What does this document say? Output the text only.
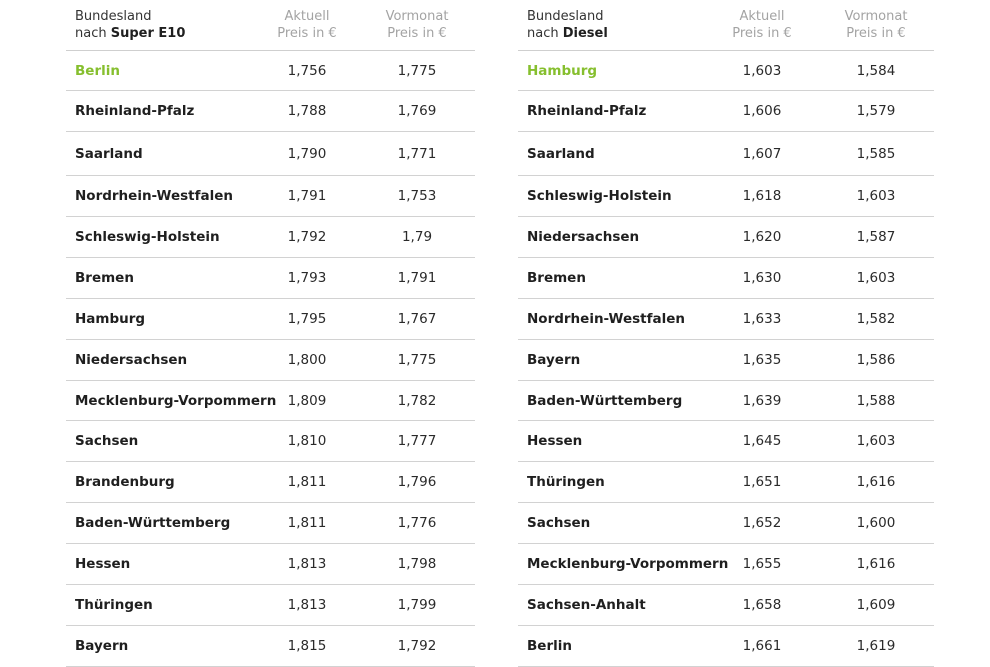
Bundesland
nach Super E10
Aktuell
Preis in €
Vormonat
Preis in €
Berlin	1,756	1,775
Rheinland-Pfalz	1,788	1,769
Saarland	1,790	1,771
Nordrhein-Westfalen	1,791	1,753
Schleswig-Holstein	1,792	1,79
Bremen	1,793	1,791
Hamburg	1,795	1,767
Niedersachsen	1,800	1,775
Mecklenburg-Vorpommern 1,809	1,782
Sachsen	1,810	1,777
Brandenburg	1,811	1,796
Baden-Württemberg	1,811	1,776
Hessen	1,813	1,798
Thüringen	1,813	1,799
Bayern	1,815	1,792
Bundesland
nach Diesel
Aktuell
Preis in €
Vormonat
Preis in €
Hamburg	1,603	1,584
Rheinland-Pfalz	1,606	1,579
Saarland	1,607	1,585
Schleswig-Holstein	1,618	1,603
Niedersachsen	1,620	1,587
Bremen	1,630	1,603
Nordrhein-Westfalen	1,633	1,582
Bayern	1,635	1,586
Baden-Württemberg	1,639	1,588
Hessen	1,645	1,603
Thüringen	1,651	1,616
Sachsen	1,652	1,600
Mecklenburg-Vorpommern	1,655	1,616
Sachsen-Anhalt	1,658	1,609
Berlin	1,661	1,619
